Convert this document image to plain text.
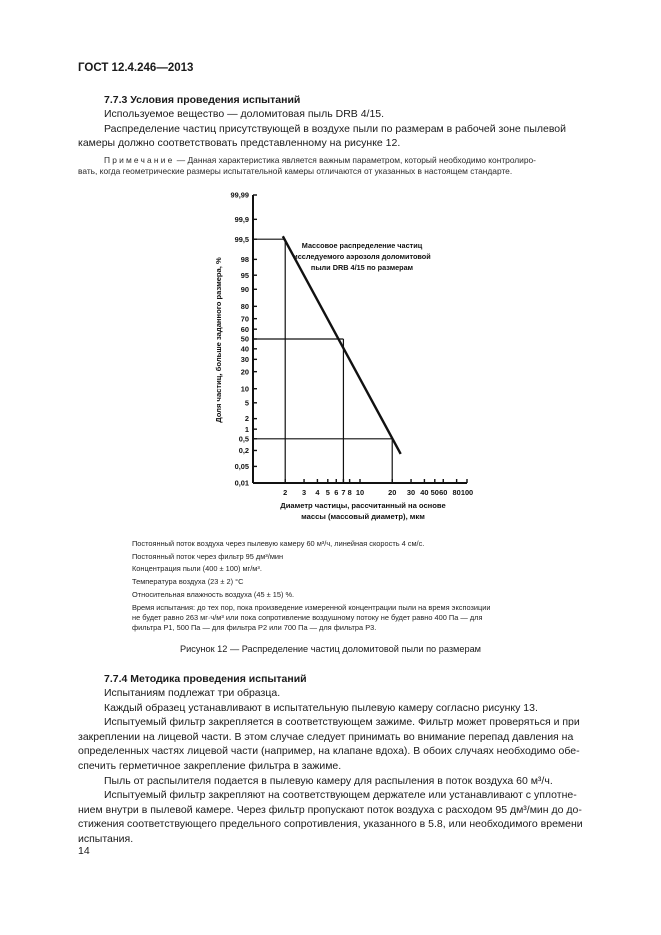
ГОСТ 12.4.246—2013
7.7.3 Условия проведения испытаний
Используемое вещество — доломитовая пыль DRB 4/15.
Распределение частиц присутствующей в воздухе пыли по размерам в рабочей зоне пылевой
камеры должно соответствовать представленному на рисунке 12.
Примечание — Данная характеристика является важным параметром, который необходимо контролиро-
вать, когда геометрические размеры испытательной камеры отличаются от указанных в настоящем стандарте.
0,01
0,05
0,2
0,5
1
2
5
10
20
30
40
50
60
70
80
90
95
98
99,5
99,9
99,99
2 3 4 5 6 7 8 10	20 30 40 50 60 80 100
Массовое распределение частиц
исследуемого аэрозоля доломитовой
пыли DRB 4/15 по размерам
Доля частиц, больше заданного размера, %
Диаметр частицы, рассчитанный на основе
массы (массовый диаметр), мкм
Постоянный поток воздуха через пылевую камеру 60 м³/ч, линейная скорость 4 см/с.
Постоянный поток через фильтр 95 дм³/мин
Концентрация пыли (400 ± 100) мг/м³.
Температура воздуха (23 ± 2) °С
Относительная влажность воздуха (45 ± 15) %.
Время испытания: до тех пор, пока произведение измеренной концентрации пыли на время экспозиции
не будет равно 263 мг·ч/м³ или пока сопротивление воздушному потоку не будет равно 400 Па — для
фильтра Р1, 500 Па — для фильтра Р2 или 700 Па — для фильтра Р3.
Рисунок 12 — Распределение частиц доломитовой пыли по размерам
7.7.4 Методика проведения испытаний
Испытаниям подлежат три образца.
Каждый образец устанавливают в испытательную пылевую камеру согласно рисунку 13.
Испытуемый фильтр закрепляется в соответствующем зажиме. Фильтр может проверяться и при
закреплении на лицевой части. В этом случае следует принимать во внимание перепад давления на
определенных частях лицевой части (например, на клапане вдоха). В обоих случаях необходимо обе-
спечить герметичное закрепление фильтра в зажиме.
Пыль от распылителя подается в пылевую камеру для распыления в поток воздуха 60 м³/ч.
Испытуемый фильтр закрепляют на соответствующем держателе или устанавливают с уплотне-
нием внутри в пылевой камере. Через фильтр пропускают поток воздуха с расходом 95 дм³/мин до до-
стижения соответствующего предельного сопротивления, указанного в 5.8, или необходимого времени
испытания.
14
